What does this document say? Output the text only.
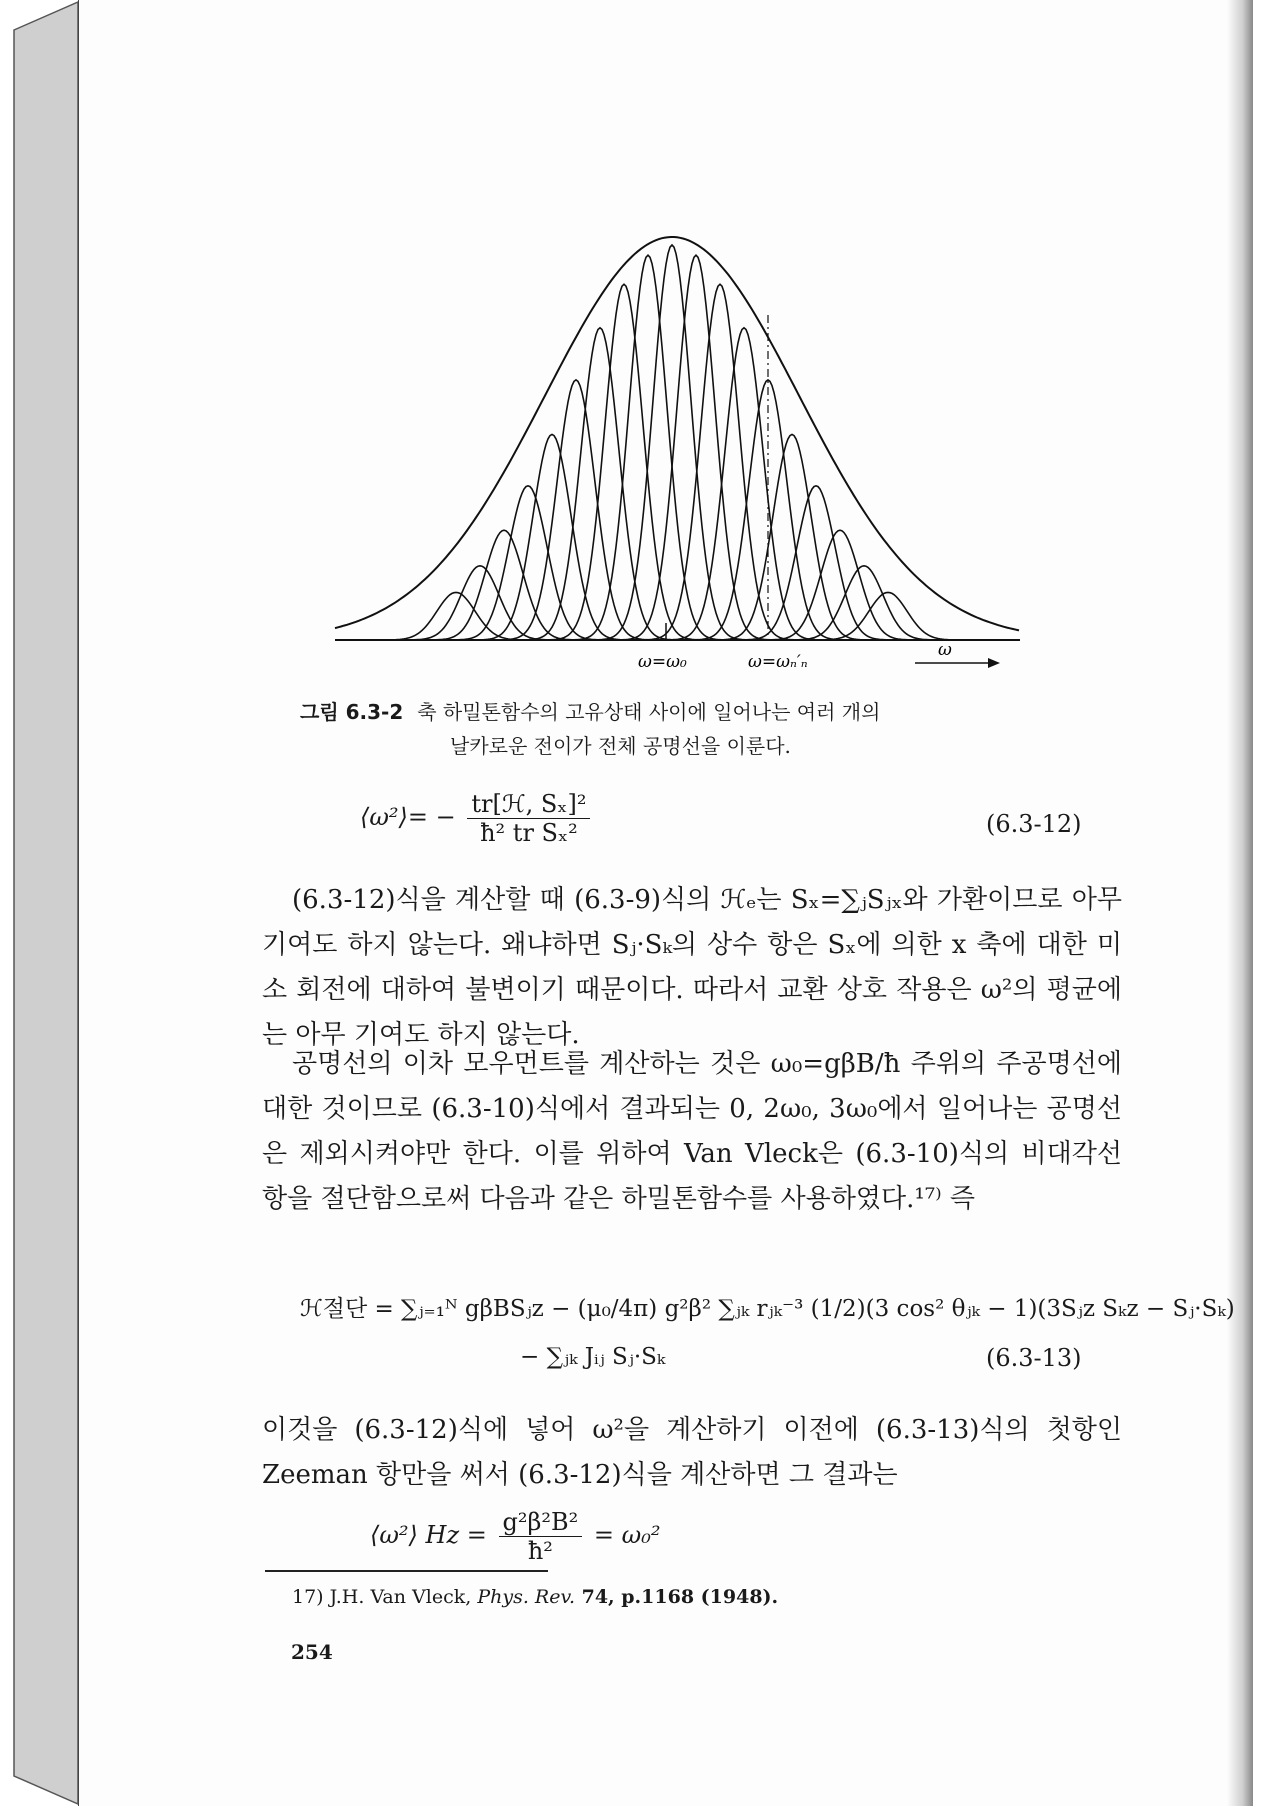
ω=ω₀	ω=ωₙ′ₙ
ω
그림 6.3-2 축 하밀톤함수의 고유상태 사이에 일어나는 여러 개의
날카로운 전이가 전체 공명선을 이룬다.
⟨ω²⟩= − $\frac{\text{tr[ℋ, Sₓ]²}}{\text{ħ² tr Sₓ²}}$	(6.3-12)
(6.3-12)식을 계산할 때 (6.3-9)식의 ℋₑ는 Sₓ=∑ⱼSⱼₓ와 가환이므로 아무 기여도 하지 않는다. 왜냐하면 Sⱼ·Sₖ의 상수 항은 Sₓ에 의한 x 축에 대한 미소 회전에 대하여 불변이기 때문이다. 따라서 교환 상호 작용은 ω²의 평균에는 아무 기여도 하지 않는다.
공명선의 이차 모우먼트를 계산하는 것은 ω₀=gβB/ħ 주위의 주공명선에 대한 것이므로 (6.3-10)식에서 결과되는 0, 2ω₀, 3ω₀에서 일어나는 공명선은 제외시켜야만 한다. 이를 위하여 Van Vleck은 (6.3-10)식의 비대각선 항을 절단함으로써 다음과 같은 하밀톤함수를 사용하였다.¹⁷⁾ 즉
ℋ절단 = ∑ⱼ₌₁ᴺ gβBSⱼz − (μ₀/4π) g²β² ∑ⱼₖ rⱼₖ⁻³ (1/2)(3 cos² θⱼₖ − 1)(3Sⱼz Sₖz − Sⱼ·Sₖ)
− ∑ⱼₖ Jᵢⱼ Sⱼ·Sₖ	(6.3-13)
이것을 (6.3-12)식에 넣어 ω²을 계산하기 이전에 (6.3-13)식의 첫항인 Zeeman 항만을 써서 (6.3-12)식을 계산하면 그 결과는
⟨ω²⟩ $Hz = \frac{\text{g²β²B²}}{\text{ħ²}} = \omega_0^2$
17) J.H. Van Vleck, Phys. Rev. 74, p.1168 (1948).
254
